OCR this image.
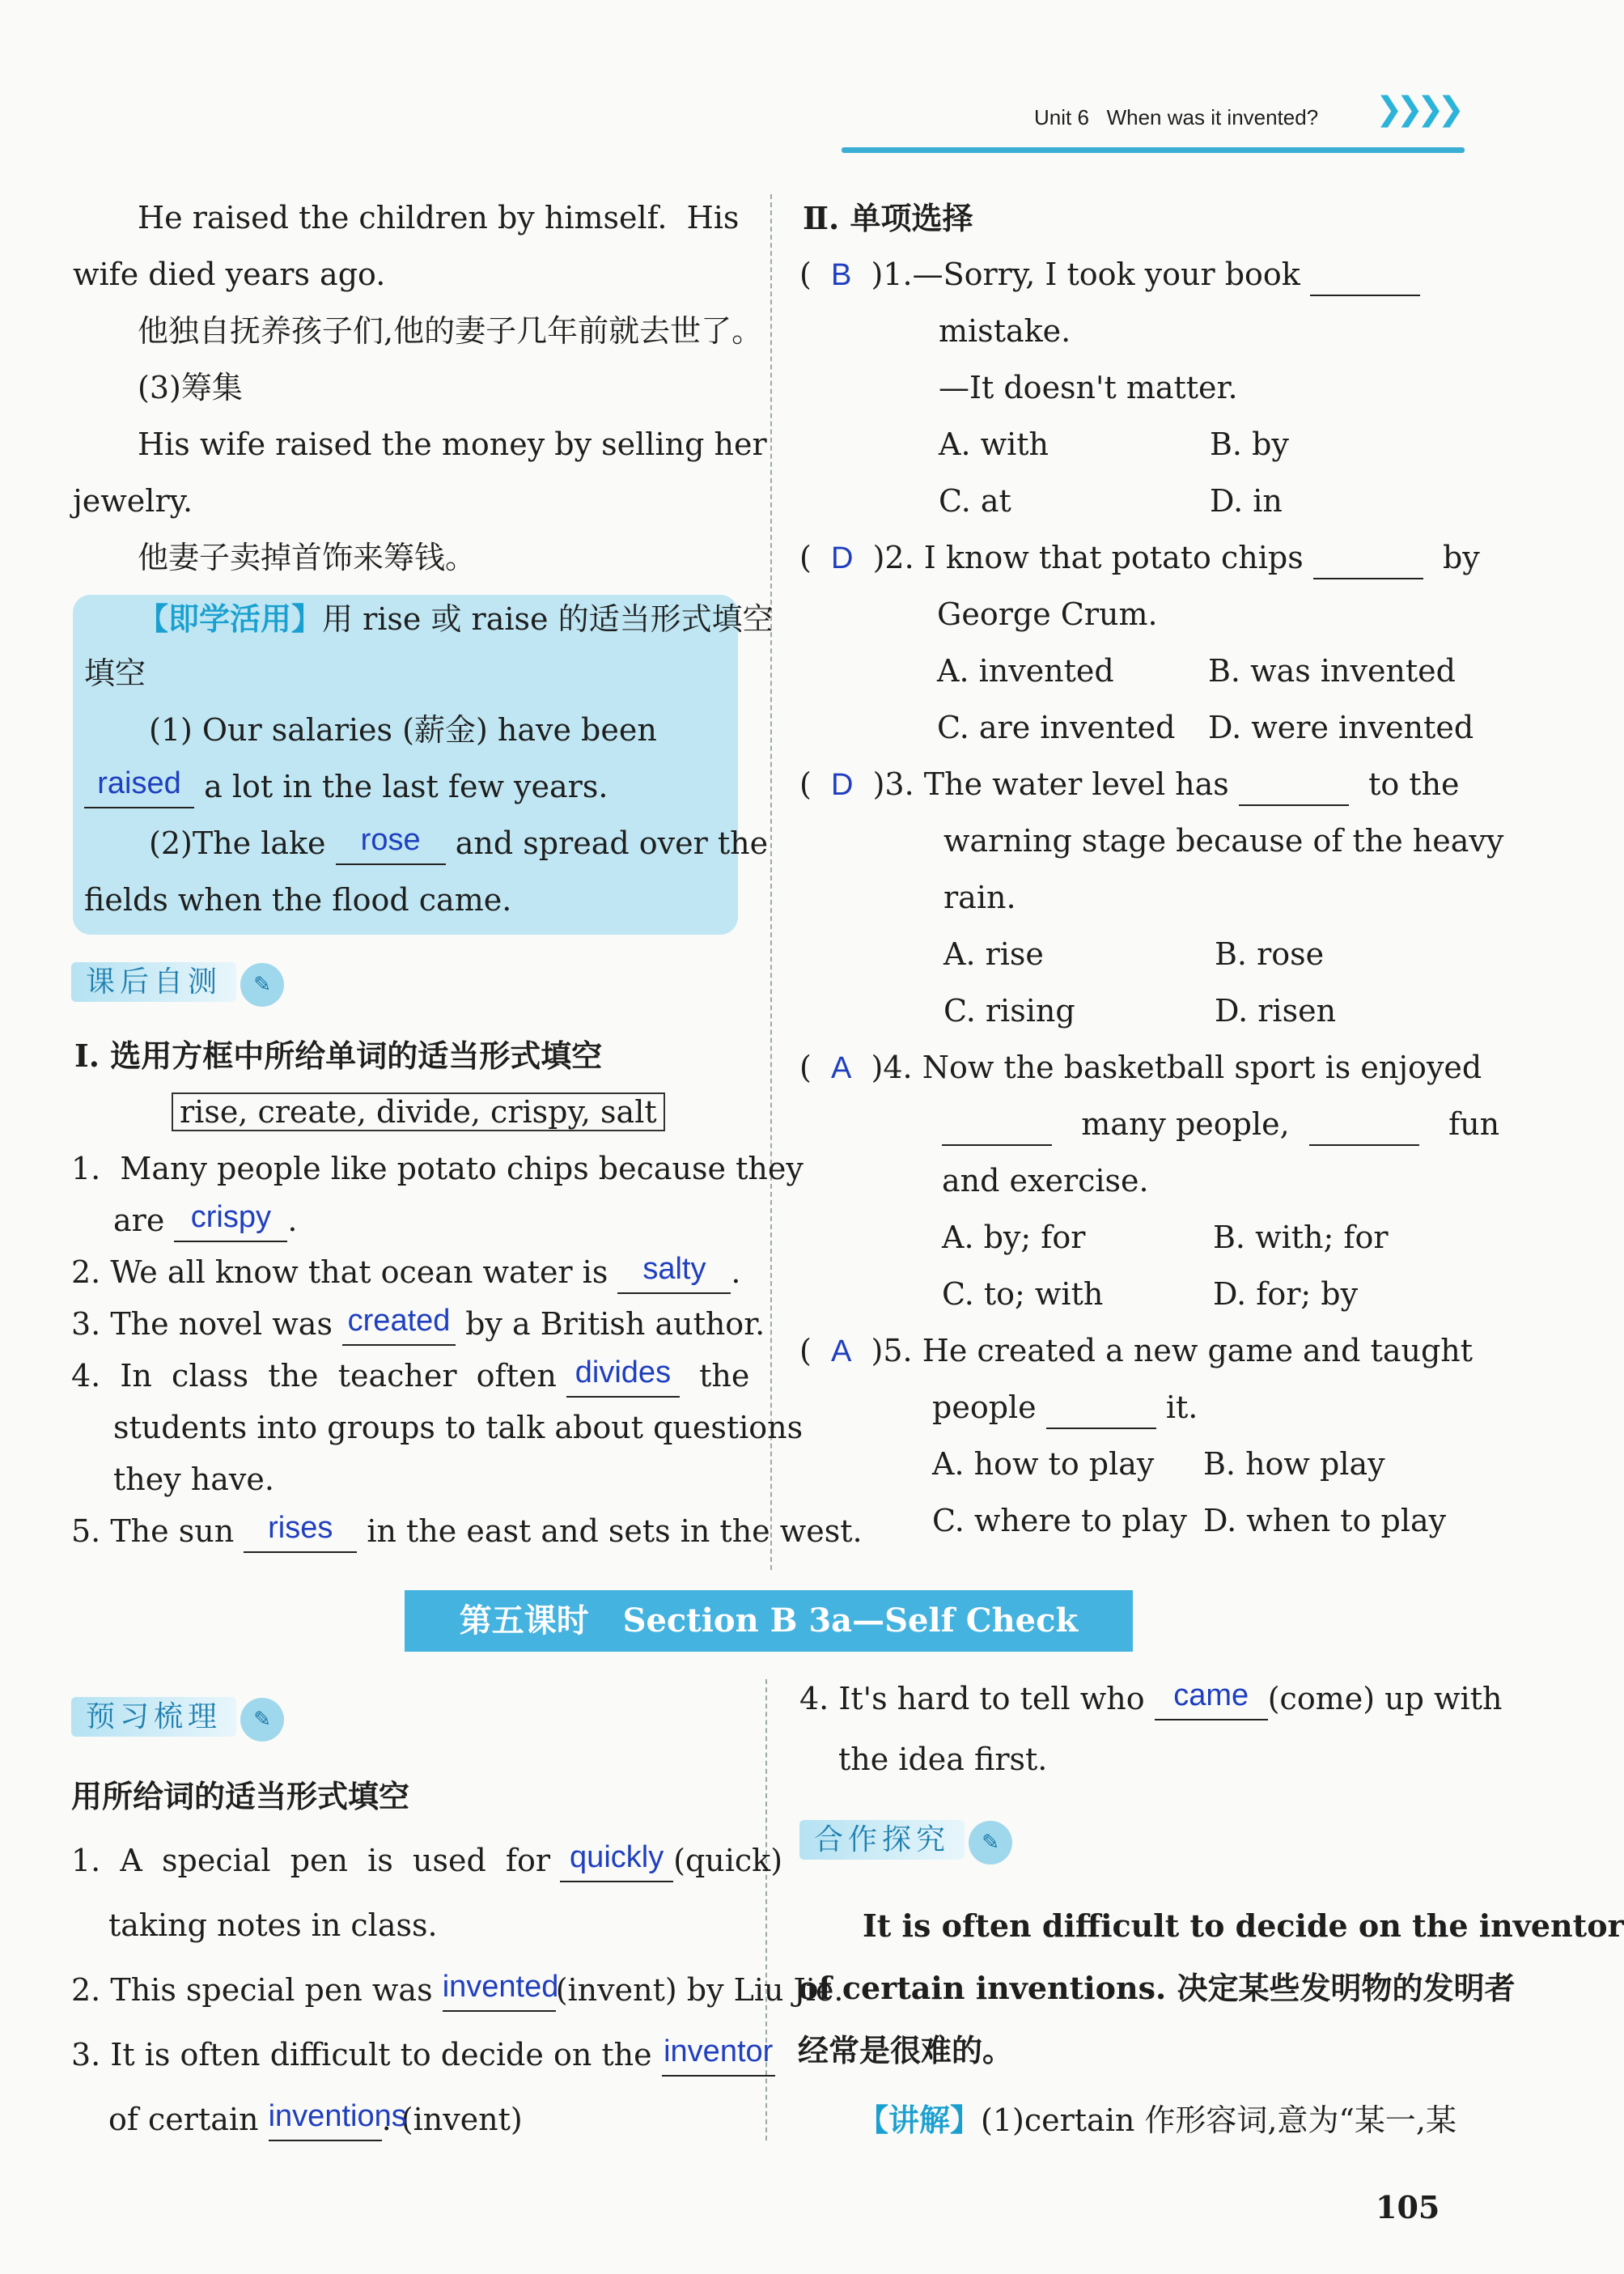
Unit 6 When was it invented? ❯❯❯❯
He raised the children by himself.  His
wife died years ago.
他独自抚养孩子们,他的妻子几年前就去世了。
(3)筹集
His wife raised the money by selling her
jewelry.
他妻子卖掉首饰来筹钱。
【即学活用】用 rise 或 raise 的适当形式填空
填空
(1) Our salaries (薪金) have been
raised a lot in the last few years.
(2)The lake	rose	and spread over the
fields when the flood came.
课后自测 ✎
Ⅰ. 选用方框中所给单词的适当形式填空
rise, create, divide, crispy, salt
1.  Many people like potato chips because they
are crispy .
2. We all know that ocean water is salty .
3. The novel was created by a British author.
4.  In  class  the  teacher  often divides the
students into groups to talk about questions
they have.
5. The sun rises in the east and sets in the west.
Ⅱ. 单项选择
(  B  )1.—Sorry, I took your book
mistake.
—It doesn't matter.
A. with	B. by
C. at	D. in
(  D  )2. I know that potato chips	by
George Crum.
A. invented	B. was invented
C. are invented D. were invented
(  D  )3. The water level has	to the
warning stage because of the heavy
rain.
A. rise	B. rose
C. rising	D. risen
(  A  )4. Now the basketball sport is enjoyed
many people,	fun
and exercise.
A. by; for	B. with; for
C. to; with	D. for; by
(  A  )5. He created a new game and taught
people	it.
A. how to play B. how play
C. where to play D. when to play
第五课时 Section B 3a—Self Check
预习梳理 ✎
用所给词的适当形式填空
1.  A  special  pen  is  used  for quickly (quick)
taking notes in class.
2. This special pen was invented
(invent) by Liu Jie.
3. It is often difficult to decide on the inventor

of certain inventions
. (invent)
4. It's hard to tell who came (come) up with
the idea first.
合作探究 ✎
It is often difficult to decide on the inventor
of certain inventions. 决定某些发明物的发明者
经常是很难的。
【讲解】(1)certain 作形容词,意为“某一,某
105
